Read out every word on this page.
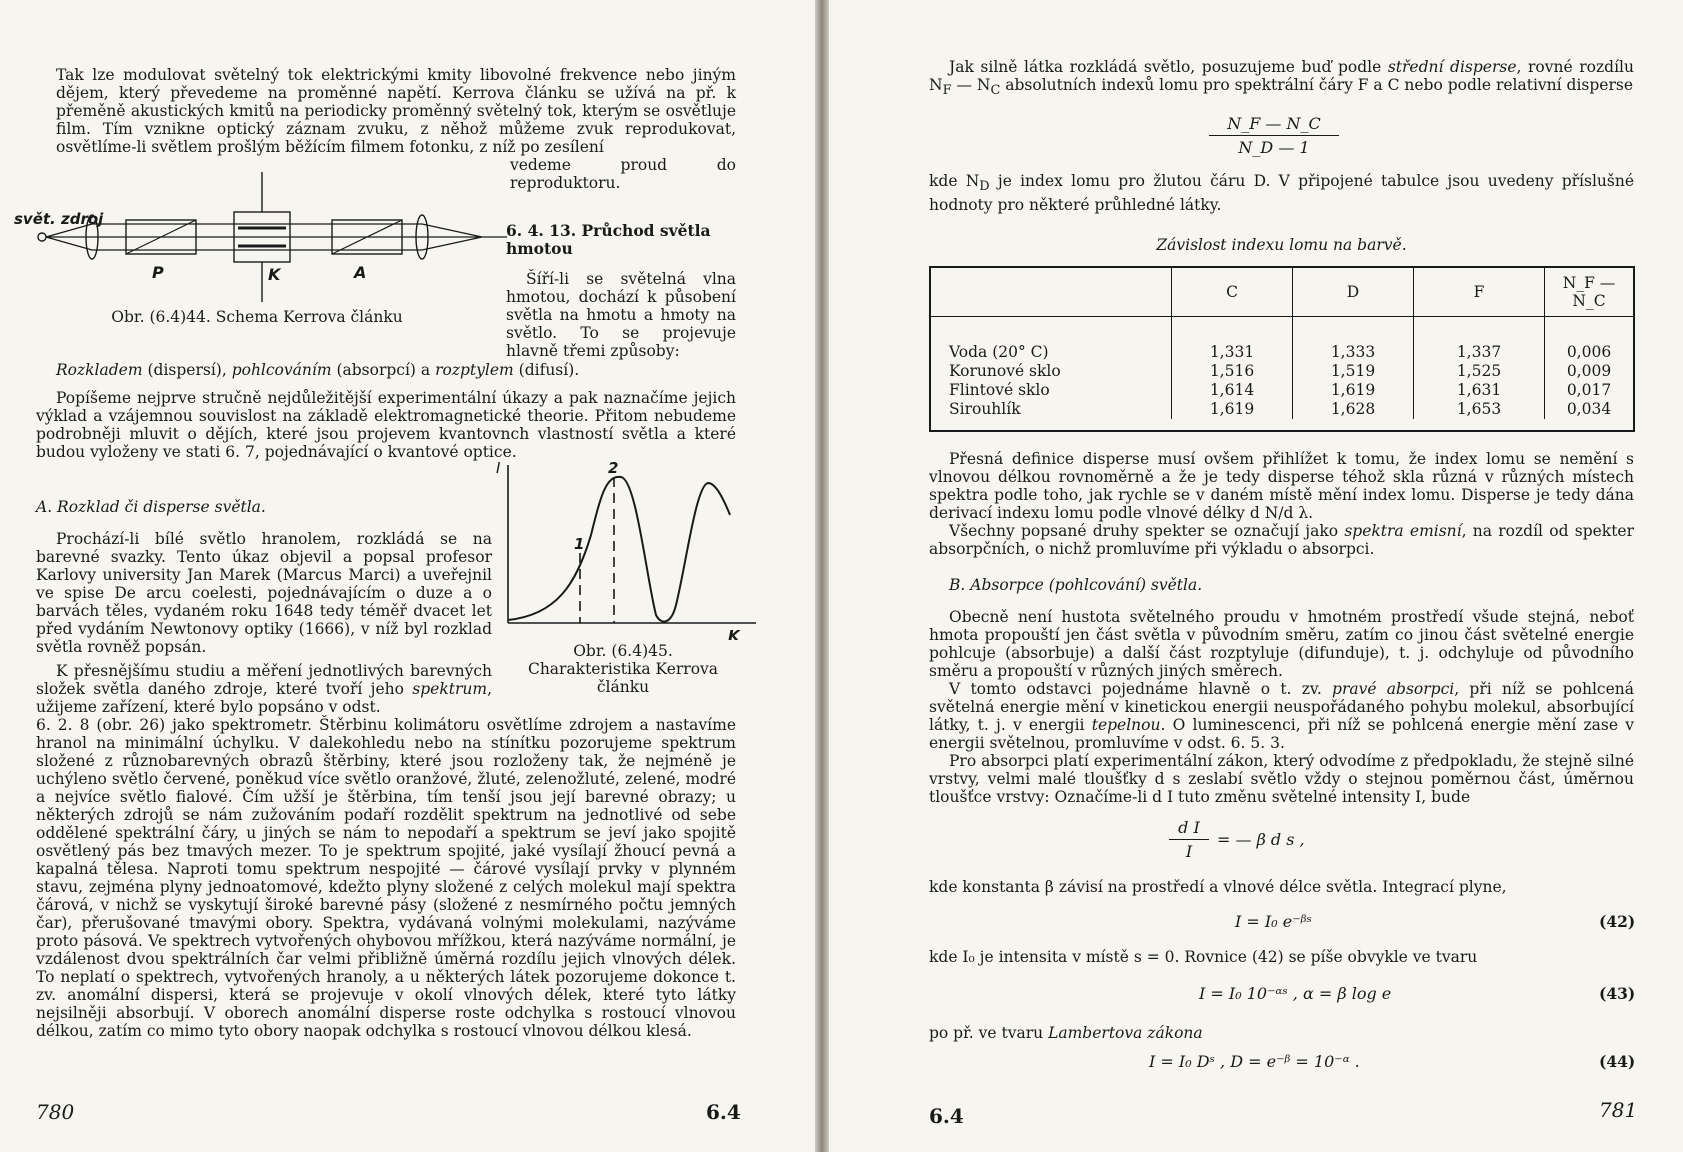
Tak lze modulovat světelný tok elektrickými kmity libovolné frekvence nebo jiným dějem, který převedeme na proměnné napětí. Kerrova článku se užívá na př. k přeměně akustických kmitů na periodicky proměnný světelný tok, kterým se osvětluje film. Tím vznikne optický záznam zvuku, z něhož můžeme zvuk reprodukovat, osvětlíme-li světlem prošlým běžícím filmem fotonku, z níž po zesílení

vedeme proud do reproduktoru.

svět. zdroj
P	K	A
Obr. (6.4)44. Schema Kerrova článku
6. 4. 13. Průchod světla hmotou

Šíří-li se světelná vlna hmotou, dochází k působení světla na hmotu a hmoty na světlo. To se projevuje hlavně třemi způsoby:

Rozkladem (dispersí), pohlcováním (absorpcí) a rozptylem (difusí).

Popíšeme nejprve stručně nejdůležitější experimentální úkazy a pak naznačíme jejich výklad a vzájemnou souvislost na základě elektromagnetické theorie. Přitom nebudeme podrobněji mluvit o dějích, které jsou projevem kvantovnch vlastností světla a které budou vyloženy ve stati 6. 7, pojednávající o kvantové optice.

A. Rozklad či disperse světla.

Prochází-li bílé světlo hranolem, rozkládá se na barevné svazky. Tento úkaz objevil a popsal profesor Karlovy university Jan Marek (Marcus Marci) a uveřejnil ve spise De arcu coelesti, pojednávajícím o duze a o barvách těles, vydaném roku 1648 tedy téměř dvacet let před vydáním Newtonovy optiky (1666), v níž byl rozklad světla rovněž popsán.

I
K
1
2
Obr. (6.4)45. Charakteristika Kerrova článku

K přesnějšímu studiu a měření jednotlivých barevných složek světla daného zdroje, které tvoří jeho spektrum, užijeme zařízení, které bylo popsáno v odst.

6. 2. 8 (obr. 26) jako spektrometr. Štěrbinu kolimátoru osvětlíme zdrojem a nastavíme hranol na minimální úchylku. V dalekohledu nebo na stínítku pozorujeme spektrum složené z různobarevných obrazů štěrbiny, které jsou rozloženy tak, že nejméně je uchýleno světlo červené, poněkud více světlo oranžové, žluté, zelenožluté, zelené, modré a nejvíce světlo fialové. Čím užší je štěrbina, tím tenší jsou její barevné obrazy; u některých zdrojů se nám zužováním podaří rozdělit spektrum na jednotlivé od sebe oddělené spektrální čáry, u jiných se nám to nepodaří a spektrum se jeví jako spojitě osvětlený pás bez tmavých mezer. To je spektrum spojité, jaké vysílají žhoucí pevná a kapalná tělesa. Naproti tomu spektrum nespojité — čárové vysílají prvky v plynném stavu, zejména plyny jednoatomové, kdežto plyny složené z celých molekul mají spektra čárová, v nichž se vyskytují široké barevné pásy (složené z nesmírného počtu jemných čar), přerušované tmavými obory. Spektra, vydávaná volnými molekulami, nazýváme proto pásová. Ve spektrech vytvořených ohybovou mřížkou, která nazýváme normální, je vzdálenost dvou spektrálních čar velmi přibližně úměrná rozdílu jejich vlnových délek. To neplatí o spektrech, vytvořených hranoly, a u některých látek pozorujeme dokonce t. zv. anomální dispersi, která se projevuje v okolí vlnových délek, které tyto látky nejsilněji absorbují. V oborech anomální disperse roste odchylka s rostoucí vlnovou délkou, zatím co mimo tyto obory naopak odchylka s rostoucí vlnovou délkou klesá.

780	6.4

Jak silně látka rozkládá světlo, posuzujeme buď podle střední disperse, rovné rozdílu $N_F$ — $N_C$ absolutních indexů lomu pro spektrální čáry F a C nebo podle relativní disperse

N_F — N_C
N_D — 1

kde $N_D$ je index lomu pro žlutou čáru D. V připojené tabulce jsou uvedeny příslušné hodnoty pro některé průhledné látky.

Závislost indexu lomu na barvě.
	C	D	F	N_F — N_C

Voda (20° C)	1,331	1,333	1,337	0,006
Korunové sklo	1,516	1,519	1,525	0,009
Flintové sklo	1,614	1,619	1,631	0,017
Sirouhlík	1,619	1,628	1,653	0,034

Přesná definice disperse musí ovšem přihlížet k tomu, že index lomu se nemění s vlnovou délkou rovnoměrně a že je tedy disperse téhož skla různá v různých místech spektra podle toho, jak rychle se v daném místě mění index lomu. Disperse je tedy dána derivací indexu lomu podle vlnové délky d N/d λ.

Všechny popsané druhy spekter se označují jako spektra emisní, na rozdíl od spekter absorpčních, o nichž promluvíme při výkladu o absorpci.

B. Absorpce (pohlcování) světla.

Obecně není hustota světelného proudu v hmotném prostředí všude stejná, neboť hmota propouští jen část světla v původním směru, zatím co jinou část světelné energie pohlcuje (absorbuje) a další část rozptyluje (difunduje), t. j. odchyluje od původního směru a propouští v různých jiných směrech.

V tomto odstavci pojednáme hlavně o t. zv. pravé absorpci, při níž se pohlcená světelná energie mění v kinetickou energii neuspořádaného pohybu molekul, absorbující látky, t. j. v energii tepelnou. O luminescenci, při níž se pohlcená energie mění zase v energii světelnou, promluvíme v odst. 6. 5. 3.

Pro absorpci platí experimentální zákon, který odvodíme z předpokladu, že stejně silné vrstvy, velmi malé tloušťky d s zeslabí světlo vždy o stejnou poměrnou část, úměrnou tloušťce vrstvy: Označíme-li d I tuto změnu světelné intensity I, bude

d I
I
= — β d s ,

kde konstanta β závisí na prostředí a vlnové délce světla. Integrací plyne,

I = I₀ e⁻ᵝˢ	(42)

kde I₀ je intensita v místě s = 0. Rovnice (42) se píše obvykle ve tvaru

I = I₀ 10⁻ᵅˢ , α = β log e	(43)

po př. ve tvaru Lambertova zákona

I = I₀ Dˢ , D = e⁻ᵝ = 10⁻ᵅ .	(44)
6.4	781
